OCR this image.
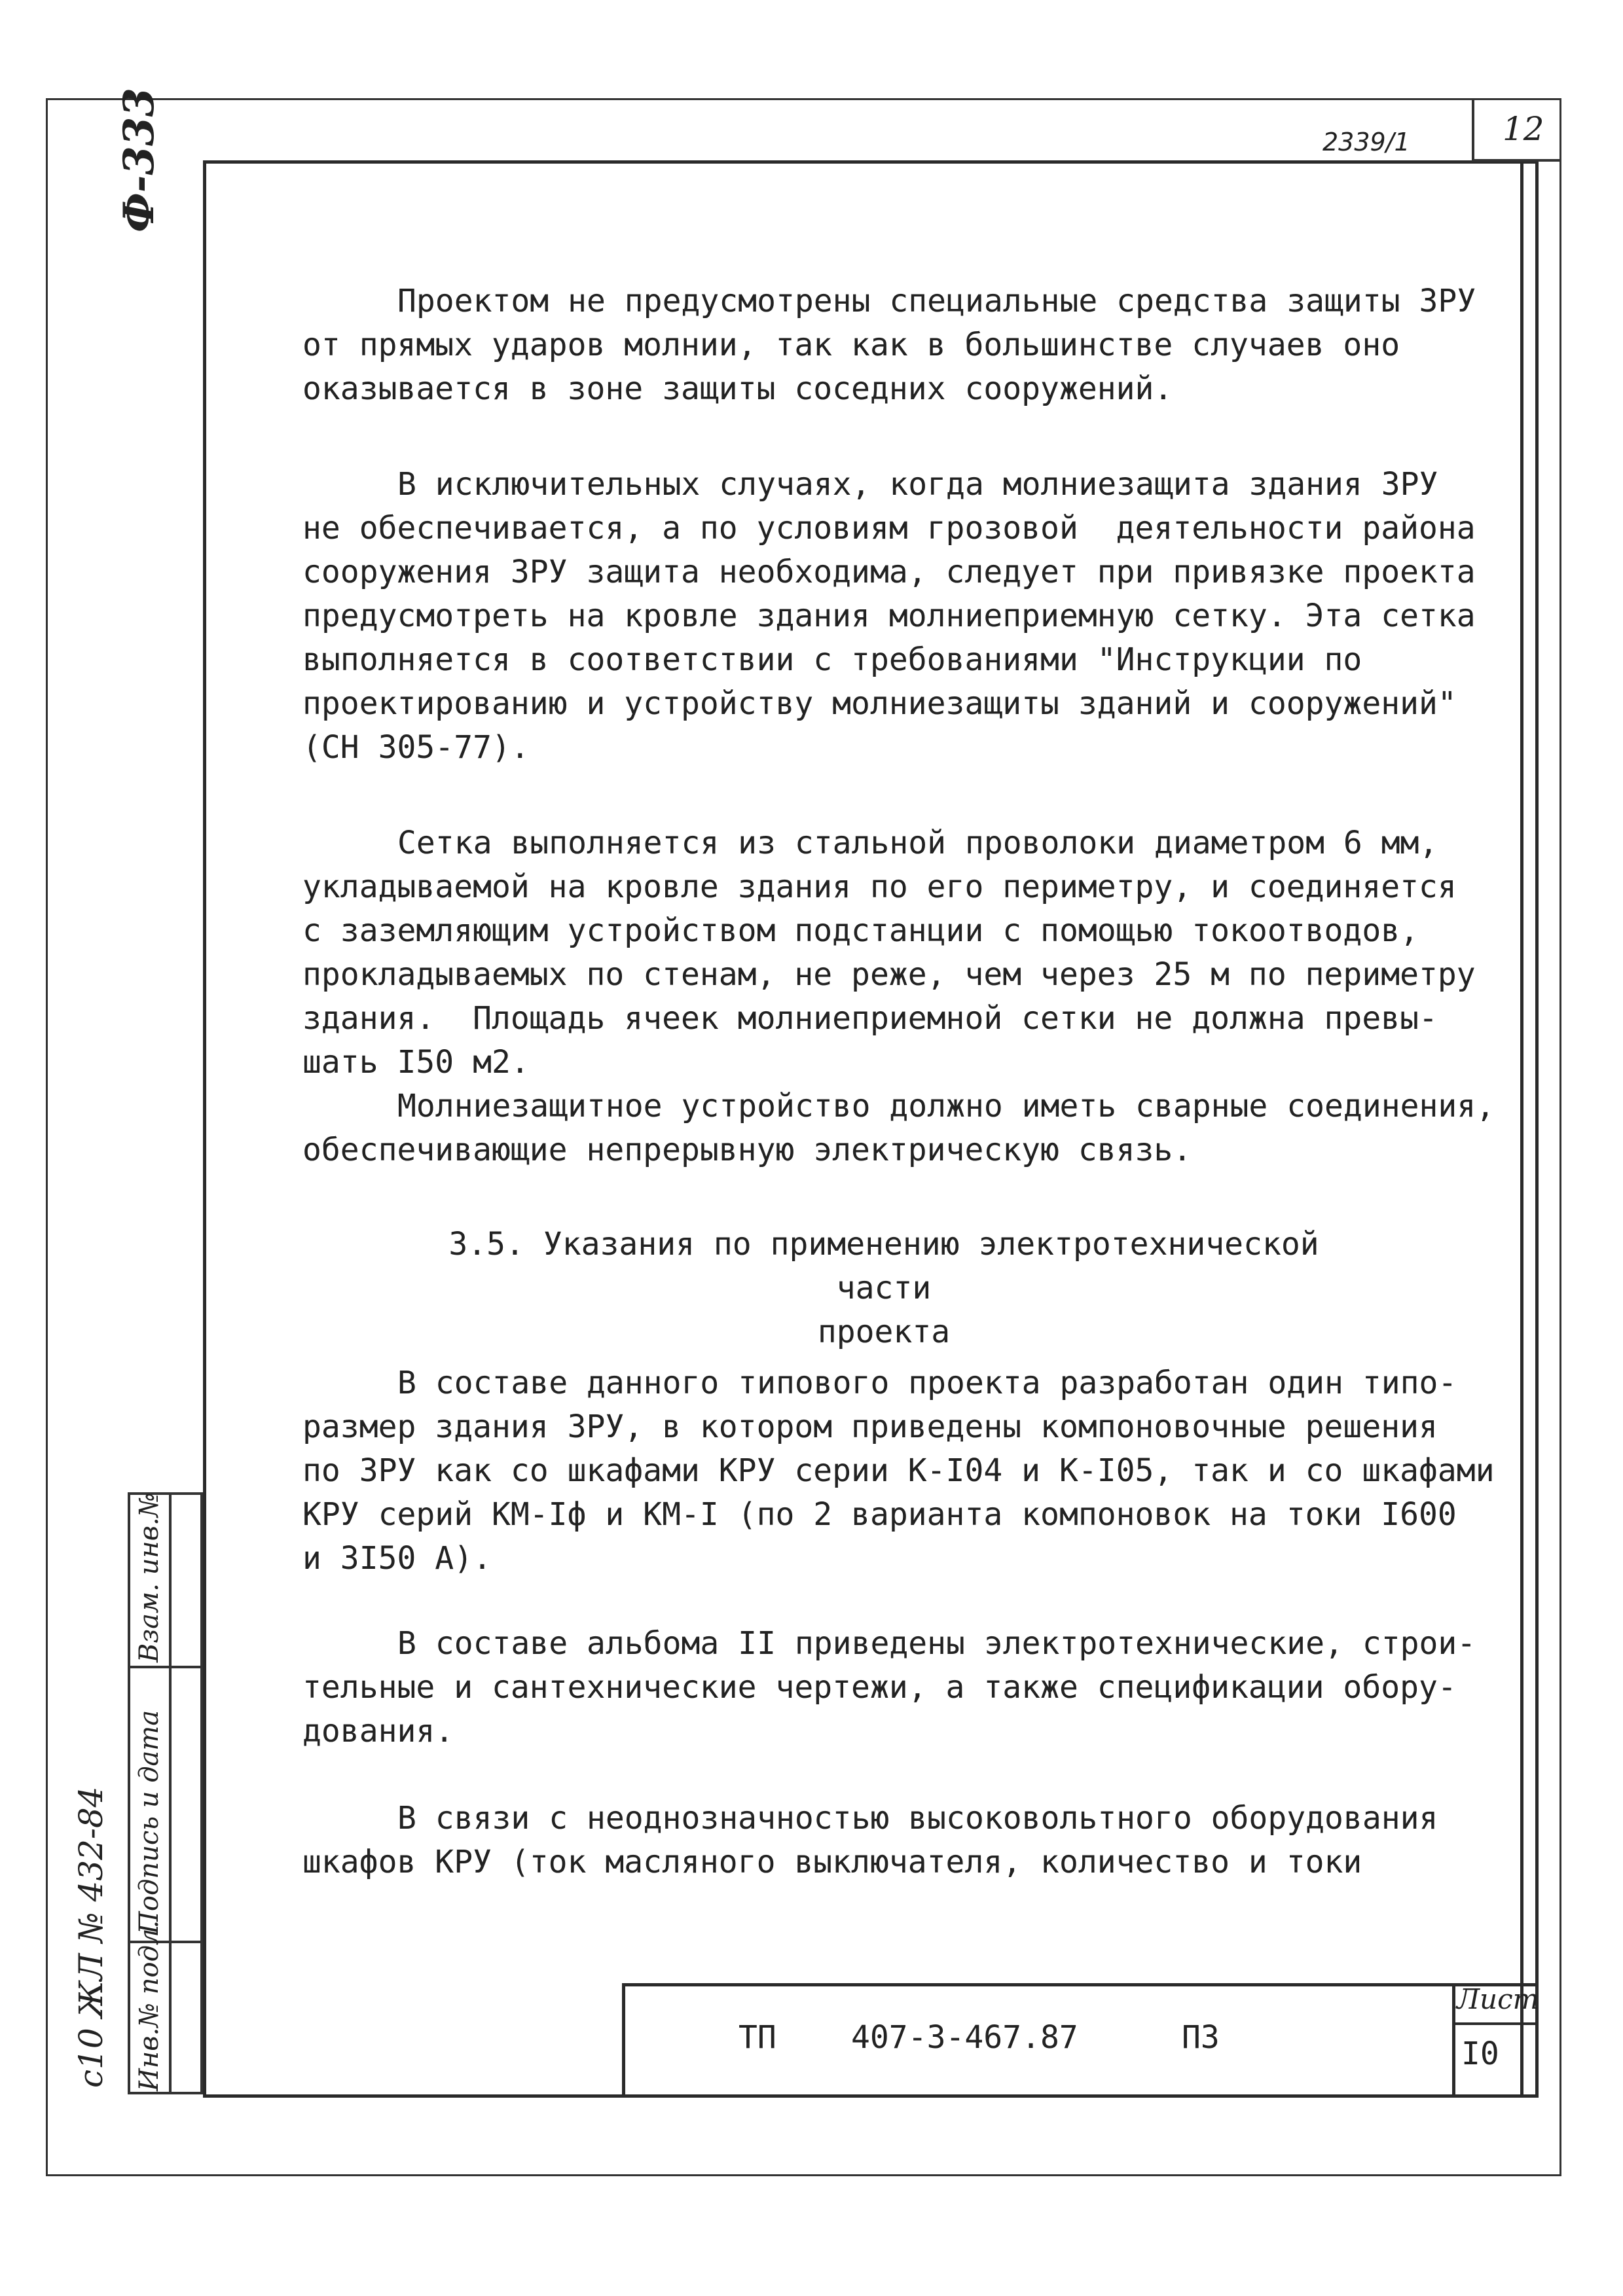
12
2339/1
Ф-333

Проектом не предусмотрены специальные средства защиты ЗРУ

от прямых ударов молнии, так как в большинстве случаев оно

оказывается в зоне защиты соседних сооружений.

В исключительных случаях, когда молниезащита здания ЗРУ

не обеспечивается, а по условиям грозовой  деятельности района

сооружения ЗРУ защита необходима, следует при привязке проекта

предусмотреть на кровле здания молниеприемную сетку. Эта сетка

выполняется в соответствии с требованиями "Инструкции по

проектированию и устройству молниезащиты зданий и сооружений"

(СН 305-77).

Сетка выполняется из стальной проволоки диаметром 6 мм,

укладываемой на кровле здания по его периметру, и соединяется

с заземляющим устройством подстанции с помощью токоотводов,

прокладываемых по стенам, не реже, чем через 25 м по периметру

здания.  Площадь ячеек молниеприемной сетки не должна превы-

шать I50 м2.

Молниезащитное устройство должно иметь сварные соединения,

обеспечивающие непрерывную электрическую связь.

3.5. Указания по применению электротехнической части
проекта

В составе данного типового проекта разработан один типо-

размер здания ЗРУ, в котором приведены компоновочные решения

по ЗРУ как со шкафами КРУ серии К-I04 и К-I05, так и со шкафами

КРУ серий КМ-Iф и КМ-I (по 2 варианта компоновок на токи I600

и 3I50 А).

В составе альбома II приведены электротехнические, строи-

тельные и сантехнические чертежи, а также спецификации обору-

дования.

В связи с неоднозначностью высоковольтного оборудования

шкафов КРУ (ток масляного выключателя, количество и токи

Инв.№ подл.
Подпись и дата
Взам. инв.№
с10 ЖЛ № 432-84	Лист
I0
ТП 407-3-467.87	ПЗ
